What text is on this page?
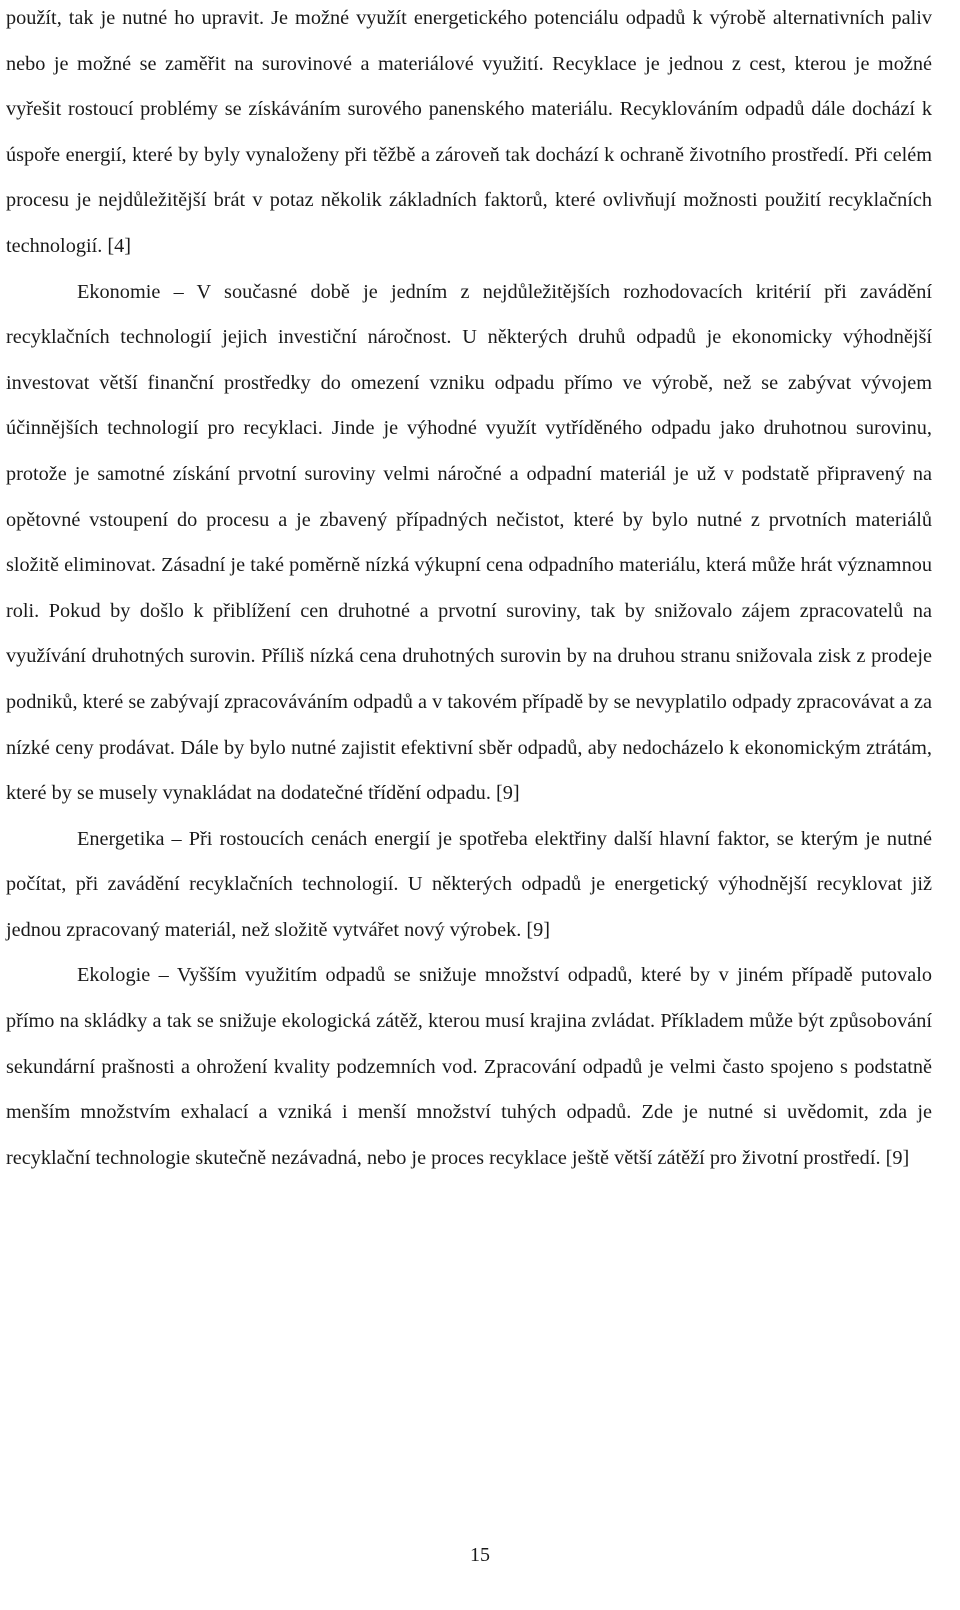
použít, tak je nutné ho upravit. Je možné využít energetického potenciálu odpadů k výrobě alternativních paliv nebo je možné se zaměřit na surovinové a materiálové využití. Recyklace je jednou z cest, kterou je možné vyřešit rostoucí problémy se získáváním surového panenského materiálu. Recyklováním odpadů dále dochází k úspoře energií, které by byly vynaloženy při těžbě a zároveň tak dochází k ochraně životního prostředí. Při celém procesu je nejdůležitější brát v potaz několik základních faktorů, které ovlivňují možnosti použití recyklačních technologií. [4]

Ekonomie – V současné době je jedním z nejdůležitějších rozhodovacích kritérií při zavádění recyklačních technologií jejich investiční náročnost. U některých druhů odpadů je ekonomicky výhodnější investovat větší finanční prostředky do omezení vzniku odpadu přímo ve výrobě, než se zabývat vývojem účinnějších technologií pro recyklaci. Jinde je výhodné využít vytříděného odpadu jako druhotnou surovinu, protože je samotné získání prvotní suroviny velmi náročné a odpadní materiál je už v podstatě připravený na opětovné vstoupení do procesu a je zbavený případných nečistot, které by bylo nutné z prvotních materiálů složitě eliminovat. Zásadní je také poměrně nízká výkupní cena odpadního materiálu, která může hrát významnou roli. Pokud by došlo k přiblížení cen druhotné a prvotní suroviny, tak by snižovalo zájem zpracovatelů na využívání druhotných surovin. Příliš nízká cena druhotných surovin by na druhou stranu snižovala zisk z prodeje podniků, které se zabývají zpracováváním odpadů a v takovém případě by se nevyplatilo odpady zpracovávat a za nízké ceny prodávat. Dále by bylo nutné zajistit efektivní sběr odpadů, aby nedocházelo k ekonomickým ztrátám, které by se musely vynakládat na dodatečné třídění odpadu. [9]

Energetika – Při rostoucích cenách energií je spotřeba elektřiny další hlavní faktor, se kterým je nutné počítat, při zavádění recyklačních technologií. U některých odpadů je energetický výhodnější recyklovat již jednou zpracovaný materiál, než složitě vytvářet nový výrobek. [9]

Ekologie – Vyšším využitím odpadů se snižuje množství odpadů, které by v jiném případě putovalo přímo na skládky a tak se snižuje ekologická zátěž, kterou musí krajina zvládat. Příkladem může být způsobování sekundární prašnosti a ohrožení kvality podzemních vod. Zpracování odpadů je velmi často spojeno s podstatně menším množstvím exhalací a vzniká i menší množství tuhých odpadů. Zde je nutné si uvědomit, zda je recyklační technologie skutečně nezávadná, nebo je proces recyklace ještě větší zátěží pro životní prostředí. [9]

15
